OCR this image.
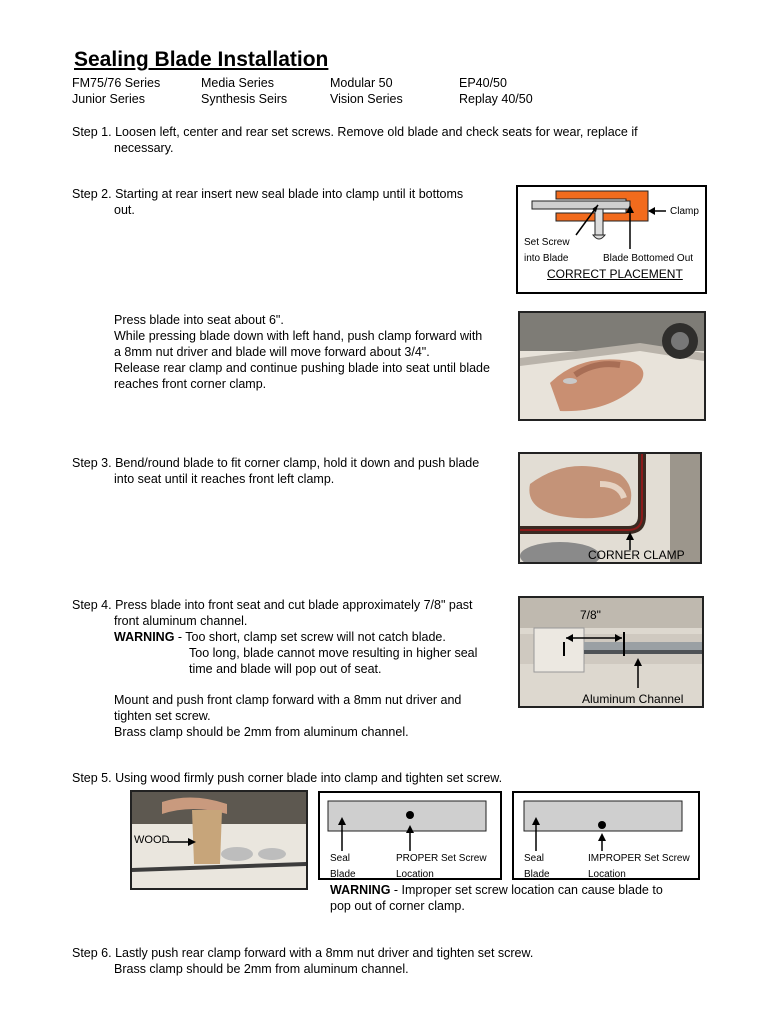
Sealing Blade Installation
FM75/76 Series	Media Series	Modular 50	EP40/50
Junior Series	Synthesis Seirs	Vision Series	Replay 40/50

Step 1. Loosen left, center and rear set screws. Remove old blade and check seats for wear, replace if

necessary.

Step 2. Starting at rear insert new seal blade into clamp until it bottoms

out.	Clamp
Set Screw
into Blade	Blade Bottomed Out
CORRECT PLACEMENT

Press blade into seat about 6".

While pressing blade down with left hand, push clamp forward with

a 8mm nut driver and blade will move forward about 3/4".

Release rear clamp and continue pushing blade into seat until blade

reaches front corner clamp.

Step 3. Bend/round blade to fit corner clamp, hold it down and push blade

into seat until it reaches front left clamp.

CORNER CLAMP

Step 4. Press blade into front seat and cut blade approximately 7/8" past

front aluminum channel.

WARNING - Too short, clamp set screw will not catch blade.

Too long, blade cannot move resulting in higher seal

time and blade will pop out of seat.

Mount and push front clamp forward with a 8mm nut driver and

tighten set screw.

Brass clamp should be 2mm from aluminum channel.

7/8"
Aluminum Channel

Step 5. Using wood firmly push corner blade into clamp and tighten set screw.

WOOD
Seal
Blade
PROPER Set Screw
Location
Seal
Blade
IMPROPER Set Screw
Location

WARNING - Improper set screw location can cause blade to

pop out of corner clamp.

Step 6. Lastly push rear clamp forward with a 8mm nut driver and tighten set screw.

Brass clamp should be 2mm from aluminum channel.
